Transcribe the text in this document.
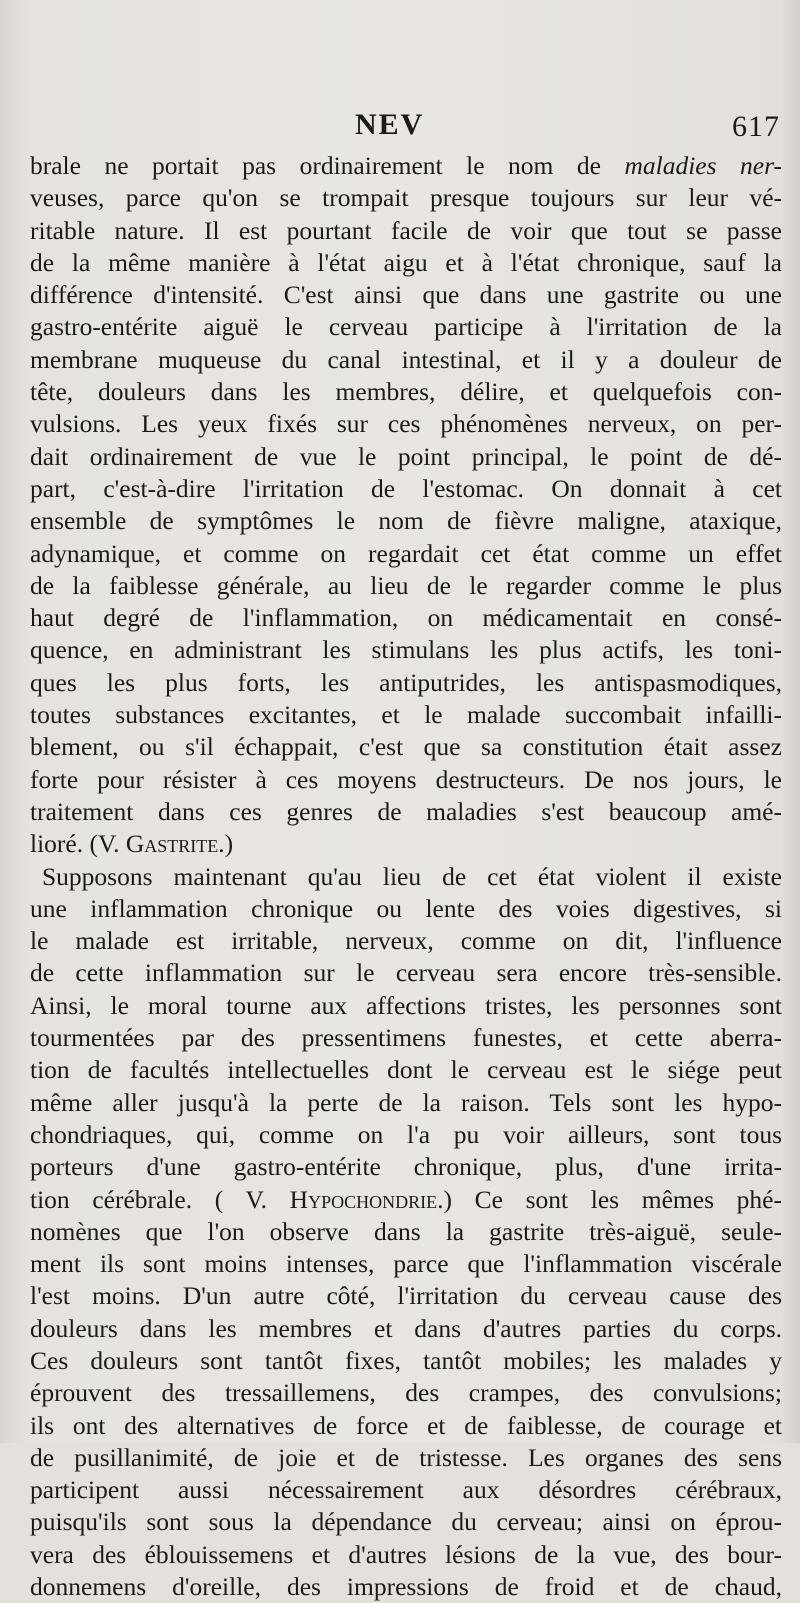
NEV	617
brale ne portait pas ordinairement le nom de maladies ner-
veuses, parce qu'on se trompait presque toujours sur leur vé-
ritable nature. Il est pourtant facile de voir que tout se passe
de la même manière à l'état aigu et à l'état chronique, sauf la
différence d'intensité. C'est ainsi que dans une gastrite ou une
gastro-entérite aiguë le cerveau participe à l'irritation de la
membrane muqueuse du canal intestinal, et il y a douleur de
tête, douleurs dans les membres, délire, et quelquefois con-
vulsions. Les yeux fixés sur ces phénomènes nerveux, on per-
dait ordinairement de vue le point principal, le point de dé-
part, c'est-à-dire l'irritation de l'estomac. On donnait à cet
ensemble de symptômes le nom de fièvre maligne, ataxique,
adynamique, et comme on regardait cet état comme un effet
de la faiblesse générale, au lieu de le regarder comme le plus
haut degré de l'inflammation, on médicamentait en consé-
quence, en administrant les stimulans les plus actifs, les toni-
ques les plus forts, les antiputrides, les antispasmodiques,
toutes substances excitantes, et le malade succombait infailli-
blement, ou s'il échappait, c'est que sa constitution était assez
forte pour résister à ces moyens destructeurs. De nos jours, le
traitement dans ces genres de maladies s'est beaucoup amé-
lioré. (V. Gastrite.)
Supposons maintenant qu'au lieu de cet état violent il existe
une inflammation chronique ou lente des voies digestives, si
le malade est irritable, nerveux, comme on dit, l'influence
de cette inflammation sur le cerveau sera encore très-sensible.
Ainsi, le moral tourne aux affections tristes, les personnes sont
tourmentées par des pressentimens funestes, et cette aberra-
tion de facultés intellectuelles dont le cerveau est le siége peut
même aller jusqu'à la perte de la raison. Tels sont les hypo-
chondriaques, qui, comme on l'a pu voir ailleurs, sont tous
porteurs d'une gastro-entérite chronique, plus, d'une irrita-
tion cérébrale. ( V. Hypochondrie.) Ce sont les mêmes phé-
nomènes que l'on observe dans la gastrite très-aiguë, seule-
ment ils sont moins intenses, parce que l'inflammation viscérale
l'est moins. D'un autre côté, l'irritation du cerveau cause des
douleurs dans les membres et dans d'autres parties du corps.
Ces douleurs sont tantôt fixes, tantôt mobiles; les malades y
éprouvent des tressaillemens, des crampes, des convulsions;
ils ont des alternatives de force et de faiblesse, de courage et
de pusillanimité, de joie et de tristesse. Les organes des sens
participent aussi nécessairement aux désordres cérébraux,
puisqu'ils sont sous la dépendance du cerveau; ainsi on éprou-
vera des éblouissemens et d'autres lésions de la vue, des bour-
donnemens d'oreille, des impressions de froid et de chaud,
